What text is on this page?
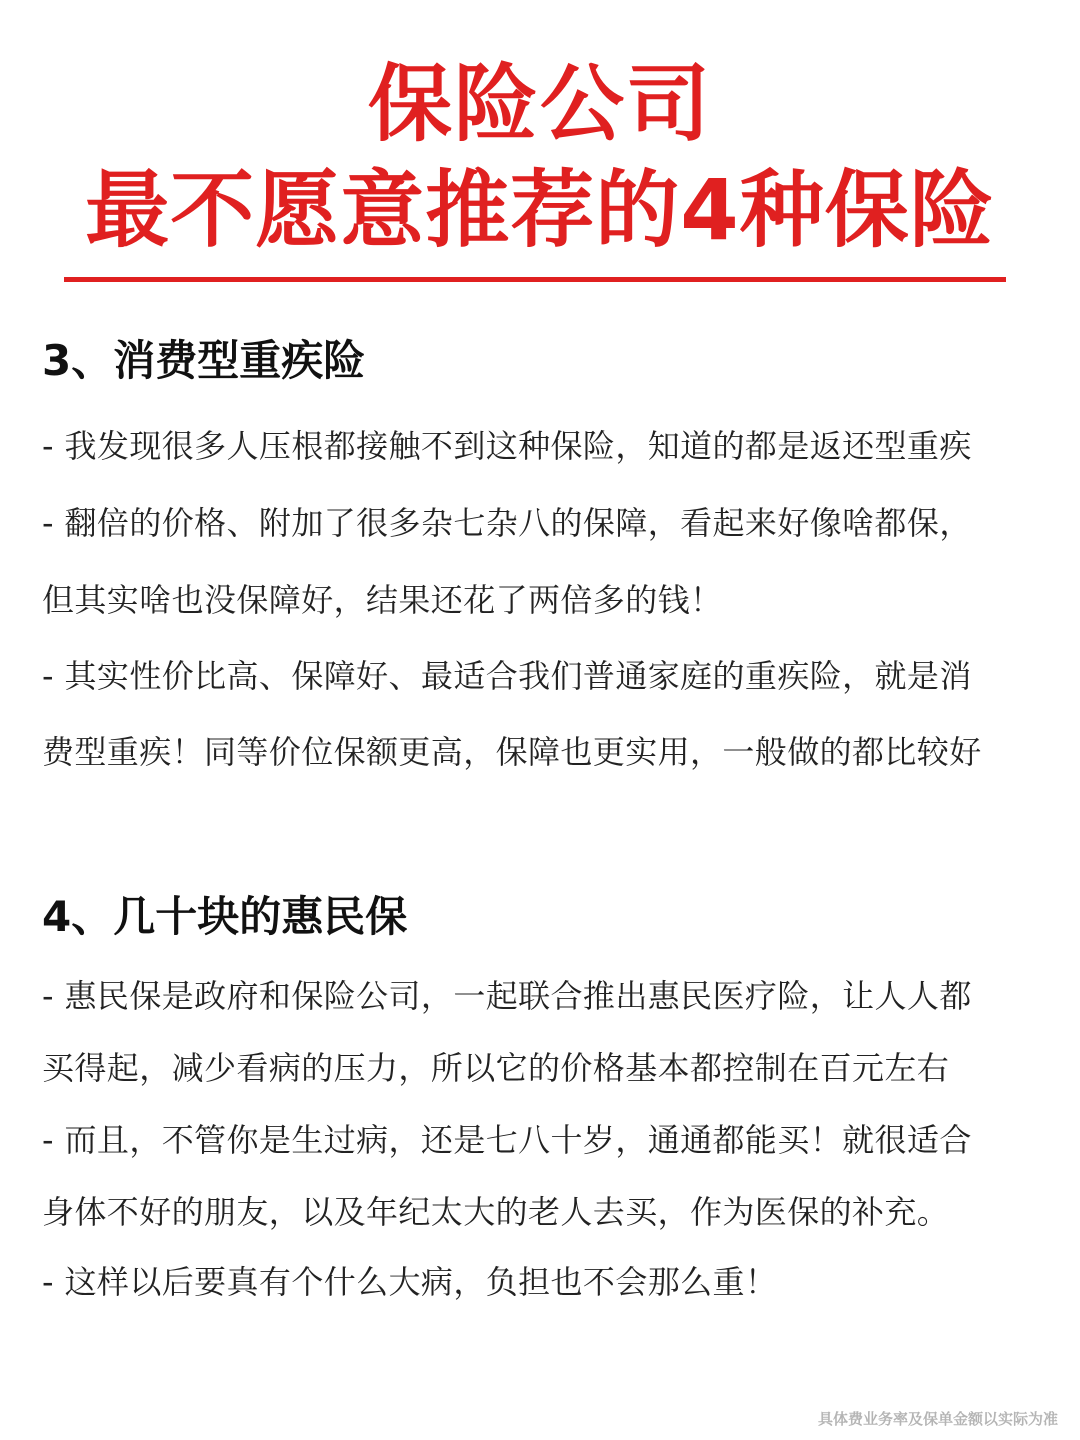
保险公司
最不愿意推荐的4种保险
3、消费型重疾险

- 我发现很多人压根都接触不到这种保险，知道的都是返还型重疾

- 翻倍的价格、附加了很多杂七杂八的保障，看起来好像啥都保，

但其实啥也没保障好，结果还花了两倍多的钱！

- 其实性价比高、保障好、最适合我们普通家庭的重疾险，就是消

费型重疾！同等价位保额更高，保障也更实用，一般做的都比较好

4、几十块的惠民保

- 惠民保是政府和保险公司，一起联合推出惠民医疗险，让人人都

买得起，减少看病的压力，所以它的价格基本都控制在百元左右

- 而且，不管你是生过病，还是七八十岁，通通都能买！就很适合

身体不好的朋友，以及年纪太大的老人去买，作为医保的补充。

- 这样以后要真有个什么大病，负担也不会那么重！

具体费业务率及保单金额以实际为准
